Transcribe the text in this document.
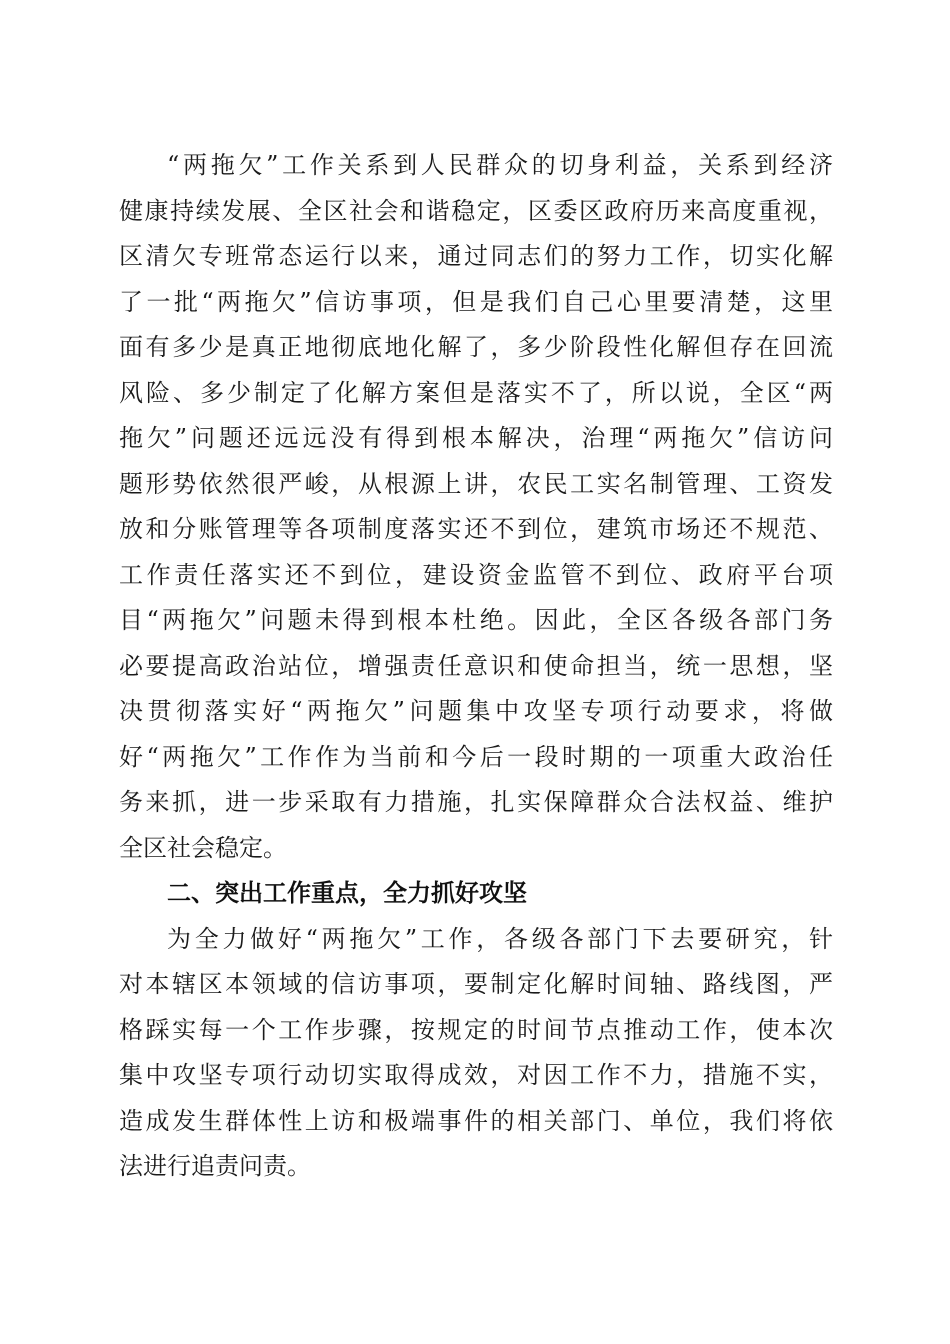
“两拖欠”工作关系到人民群众的切身利益，关系到经济
健康持续发展、全区社会和谐稳定，区委区政府历来高度重视，
区清欠专班常态运行以来，通过同志们的努力工作，切实化解
了一批“两拖欠”信访事项，但是我们自己心里要清楚，这里
面有多少是真正地彻底地化解了，多少阶段性化解但存在回流
风险、多少制定了化解方案但是落实不了，所以说，全区“两
拖欠”问题还远远没有得到根本解决，治理“两拖欠”信访问
题形势依然很严峻，从根源上讲，农民工实名制管理、工资发
放和分账管理等各项制度落实还不到位，建筑市场还不规范、
工作责任落实还不到位，建设资金监管不到位、政府平台项
目“两拖欠”问题未得到根本杜绝。因此，全区各级各部门务
必要提高政治站位，增强责任意识和使命担当，统一思想，坚
决贯彻落实好“两拖欠”问题集中攻坚专项行动要求，将做
好“两拖欠”工作作为当前和今后一段时期的一项重大政治任
务来抓，进一步采取有力措施，扎实保障群众合法权益、维护
全区社会稳定。
二、突出工作重点，全力抓好攻坚
为全力做好“两拖欠”工作，各级各部门下去要研究，针
对本辖区本领域的信访事项，要制定化解时间轴、路线图，严
格踩实每一个工作步骤，按规定的时间节点推动工作，使本次
集中攻坚专项行动切实取得成效，对因工作不力，措施不实，
造成发生群体性上访和极端事件的相关部门、单位，我们将依
法进行追责问责。
